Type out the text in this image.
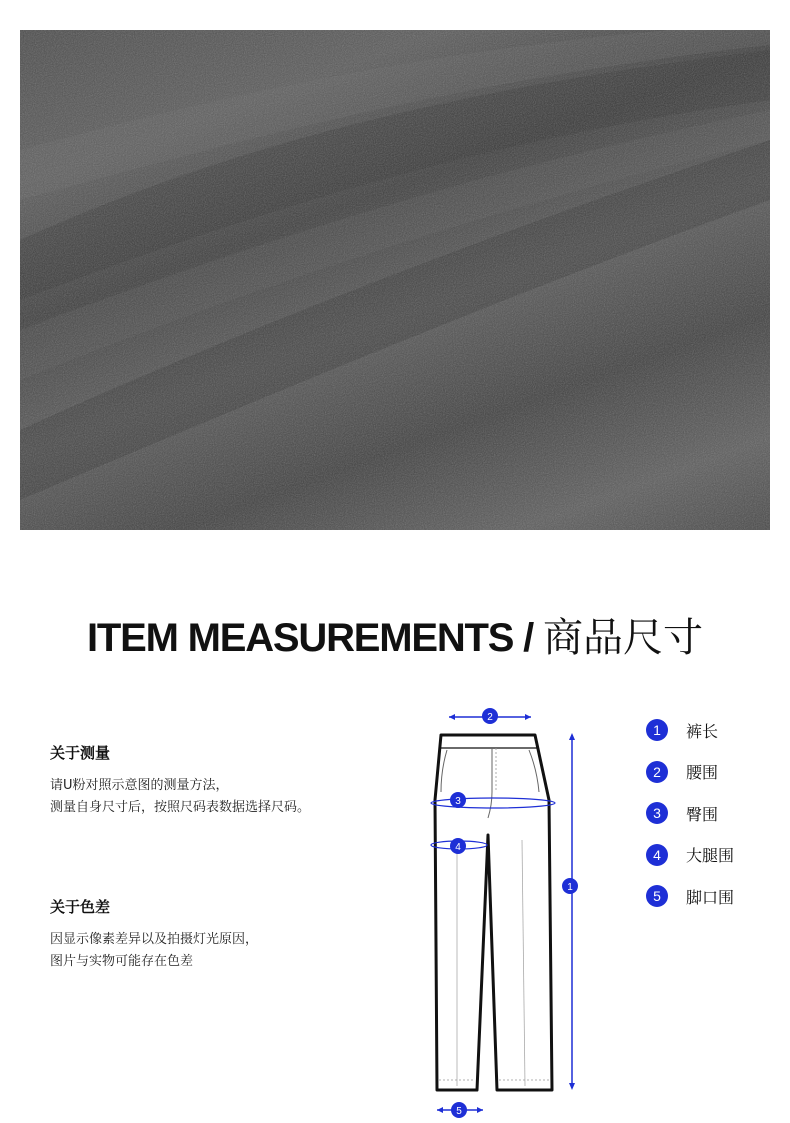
ITEM MEASUREMENTS / 商品尺寸
关于测量

请U粉对照示意图的测量方法，

测量自身尺寸后，按照尺码表数据选择尺码。

关于色差

因显示像素差异以及拍摄灯光原因，

图片与实物可能存在色差

2
3
4
1
5
1	裤长
2	腰围
3	臀围
4	大腿围
5	脚口围
